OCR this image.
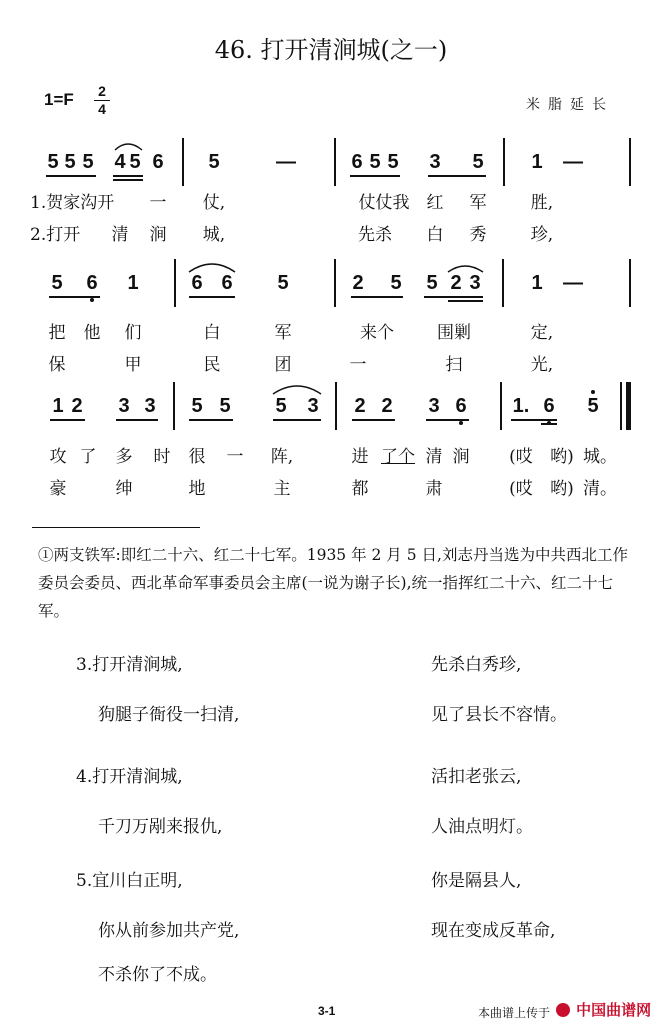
46. 打开清涧城(之一)
1=F 2
4	米脂延长
5 5 5 4 5 6 5	—	6 5 5 3 5 1 —
1.贺家沟开 一 仗,	仗仗我 红 军	胜,
2.打开 清 涧 城,	先杀 白 秀	珍,
5 6 1	6 6 5	2 5 5 2 3	1 —
把 他 们	白	军	来个	围剿	定,
保	甲	民	团	一	扫	光,
1 2 3 3 5 5 5 3 2 2 3 6 1. 6 5
攻 了 多 时 很 一 阵,	进 了个 清 涧 (哎 哟) 城。
豪	绅	地	主	都	肃	(哎 哟) 清。
①两支铁军:即红二十六、红二十七军。1935 年 2 月 5 日,刘志丹当选为中共西北工作委员会委员、西北革命军事委员会主席(一说为谢子长),统一指挥红二十六、红二十七军。
3.打开清涧城,	先杀白秀珍,
狗腿子衙役一扫清,	见了县长不容情。
4.打开清涧城,	活扣老张云,
千刀万剐来报仇,	人油点明灯。
5.宜川白正明,	你是隔县人,
你从前参加共产党,	现在变成反革命,
不杀你了不成。
3-1	本曲谱上传于	中国曲谱网
